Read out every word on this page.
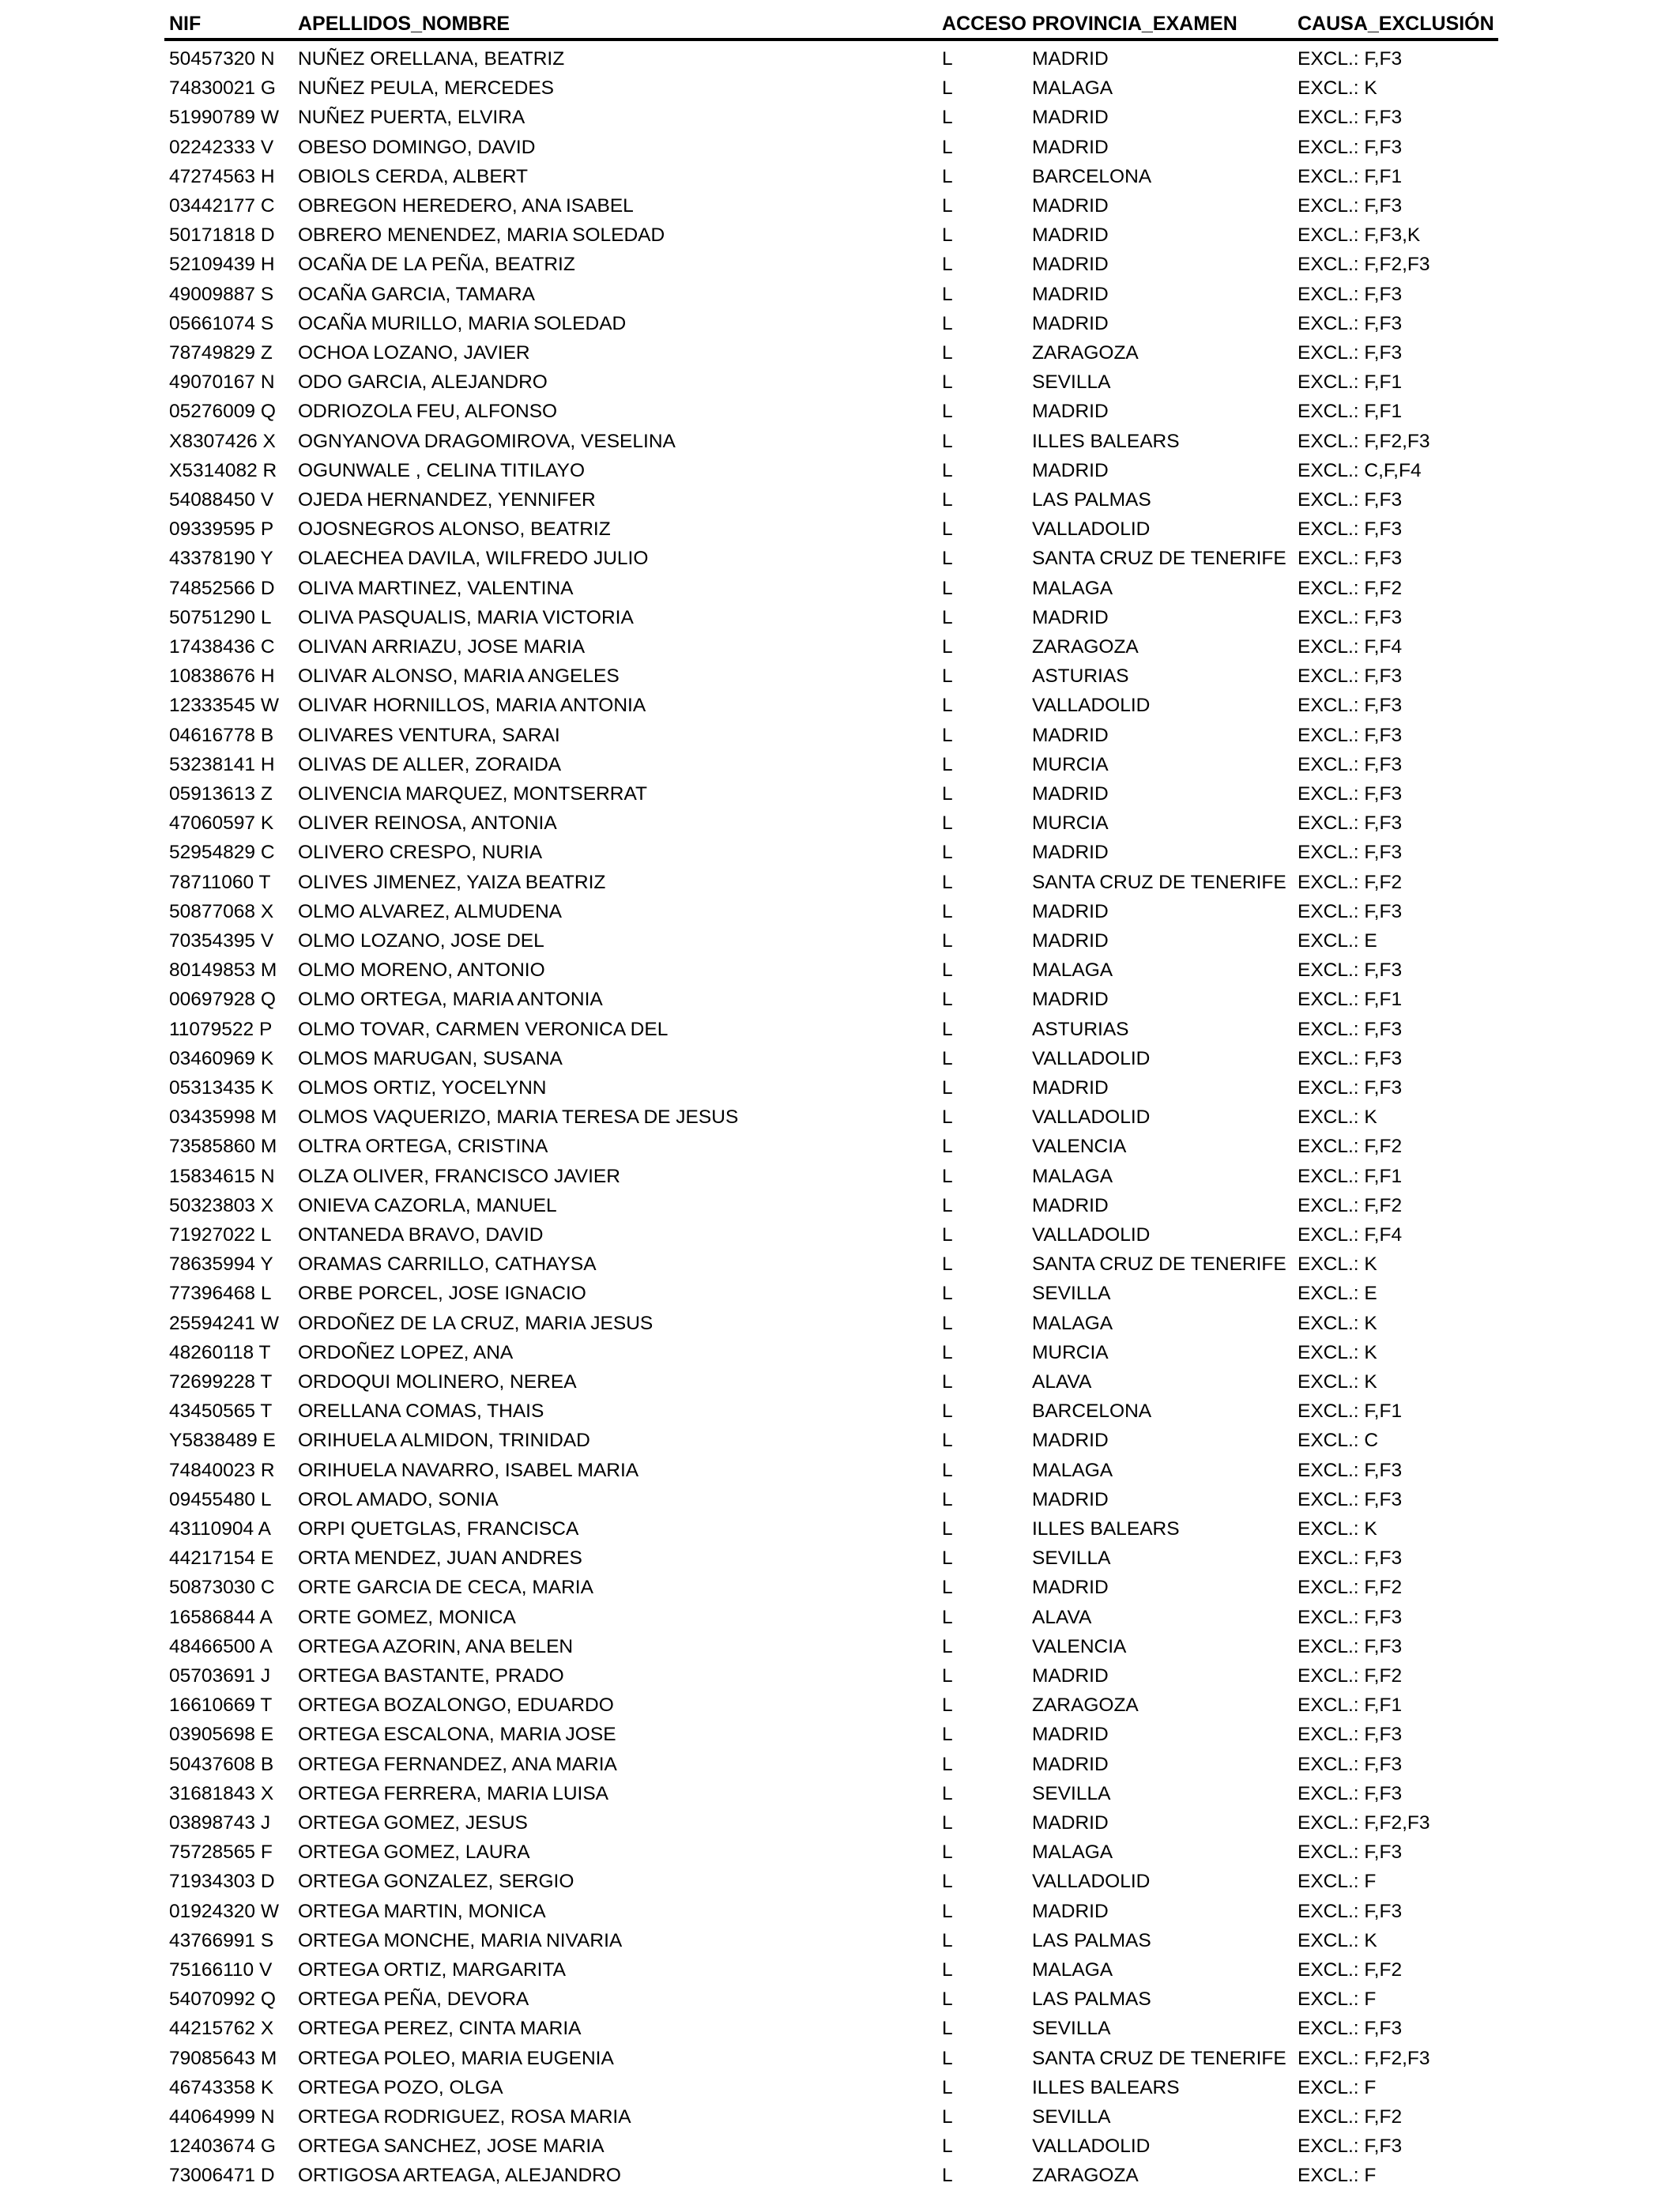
NIF	APELLIDOS_NOMBRE	ACCESO PROVINCIA_EXAMEN	CAUSA_EXCLUSIÓN
50457320 N NUÑEZ ORELLANA, BEATRIZ	L	MADRID	EXCL.: F,F3
74830021 G NUÑEZ PEULA, MERCEDES	L	MALAGA	EXCL.: K
51990789 W NUÑEZ PUERTA, ELVIRA	L	MADRID	EXCL.: F,F3
02242333 V OBESO DOMINGO, DAVID	L	MADRID	EXCL.: F,F3
47274563 H OBIOLS CERDA, ALBERT	L	BARCELONA	EXCL.: F,F1
03442177 C OBREGON HEREDERO, ANA ISABEL	L	MADRID	EXCL.: F,F3
50171818 D OBRERO MENENDEZ, MARIA SOLEDAD	L	MADRID	EXCL.: F,F3,K
52109439 H OCAÑA DE LA PEÑA, BEATRIZ	L	MADRID	EXCL.: F,F2,F3
49009887 S OCAÑA GARCIA, TAMARA	L	MADRID	EXCL.: F,F3
05661074 S OCAÑA MURILLO, MARIA SOLEDAD	L	MADRID	EXCL.: F,F3
78749829 Z OCHOA LOZANO, JAVIER	L	ZARAGOZA	EXCL.: F,F3
49070167 N ODO GARCIA, ALEJANDRO	L	SEVILLA	EXCL.: F,F1
05276009 Q ODRIOZOLA FEU, ALFONSO	L	MADRID	EXCL.: F,F1
X8307426 X OGNYANOVA DRAGOMIROVA, VESELINA	L	ILLES BALEARS	EXCL.: F,F2,F3
X5314082 R OGUNWALE , CELINA TITILAYO	L	MADRID	EXCL.: C,F,F4
54088450 V OJEDA HERNANDEZ, YENNIFER	L	LAS PALMAS	EXCL.: F,F3
09339595 P OJOSNEGROS ALONSO, BEATRIZ	L	VALLADOLID	EXCL.: F,F3
43378190 Y OLAECHEA DAVILA, WILFREDO JULIO	L	SANTA CRUZ DE TENERIFE EXCL.: F,F3
74852566 D OLIVA MARTINEZ, VALENTINA	L	MALAGA	EXCL.: F,F2
50751290 L OLIVA PASQUALIS, MARIA VICTORIA	L	MADRID	EXCL.: F,F3
17438436 C OLIVAN ARRIAZU, JOSE MARIA	L	ZARAGOZA	EXCL.: F,F4
10838676 H OLIVAR ALONSO, MARIA ANGELES	L	ASTURIAS	EXCL.: F,F3
12333545 W OLIVAR HORNILLOS, MARIA ANTONIA	L	VALLADOLID	EXCL.: F,F3
04616778 B OLIVARES VENTURA, SARAI	L	MADRID	EXCL.: F,F3
53238141 H OLIVAS DE ALLER, ZORAIDA	L	MURCIA	EXCL.: F,F3
05913613 Z OLIVENCIA MARQUEZ, MONTSERRAT	L	MADRID	EXCL.: F,F3
47060597 K OLIVER REINOSA, ANTONIA	L	MURCIA	EXCL.: F,F3
52954829 C OLIVERO CRESPO, NURIA	L	MADRID	EXCL.: F,F3
78711060 T OLIVES JIMENEZ, YAIZA BEATRIZ	L	SANTA CRUZ DE TENERIFE EXCL.: F,F2
50877068 X OLMO ALVAREZ, ALMUDENA	L	MADRID	EXCL.: F,F3
70354395 V OLMO LOZANO, JOSE DEL	L	MADRID	EXCL.: E
80149853 M OLMO MORENO, ANTONIO	L	MALAGA	EXCL.: F,F3
00697928 Q OLMO ORTEGA, MARIA ANTONIA	L	MADRID	EXCL.: F,F1
11079522 P OLMO TOVAR, CARMEN VERONICA DEL	L	ASTURIAS	EXCL.: F,F3
03460969 K OLMOS MARUGAN, SUSANA	L	VALLADOLID	EXCL.: F,F3
05313435 K OLMOS ORTIZ, YOCELYNN	L	MADRID	EXCL.: F,F3
03435998 M OLMOS VAQUERIZO, MARIA TERESA DE JESUS	L	VALLADOLID	EXCL.: K
73585860 M OLTRA ORTEGA, CRISTINA	L	VALENCIA	EXCL.: F,F2
15834615 N OLZA OLIVER, FRANCISCO JAVIER	L	MALAGA	EXCL.: F,F1
50323803 X ONIEVA CAZORLA, MANUEL	L	MADRID	EXCL.: F,F2
71927022 L ONTANEDA BRAVO, DAVID	L	VALLADOLID	EXCL.: F,F4
78635994 Y ORAMAS CARRILLO, CATHAYSA	L	SANTA CRUZ DE TENERIFE EXCL.: K
77396468 L ORBE PORCEL, JOSE IGNACIO	L	SEVILLA	EXCL.: E
25594241 W ORDOÑEZ DE LA CRUZ, MARIA JESUS	L	MALAGA	EXCL.: K
48260118 T ORDOÑEZ LOPEZ, ANA	L	MURCIA	EXCL.: K
72699228 T ORDOQUI MOLINERO, NEREA	L	ALAVA	EXCL.: K
43450565 T ORELLANA COMAS, THAIS	L	BARCELONA	EXCL.: F,F1
Y5838489 E ORIHUELA ALMIDON, TRINIDAD	L	MADRID	EXCL.: C
74840023 R ORIHUELA NAVARRO, ISABEL MARIA	L	MALAGA	EXCL.: F,F3
09455480 L OROL AMADO, SONIA	L	MADRID	EXCL.: F,F3
43110904 A ORPI QUETGLAS, FRANCISCA	L	ILLES BALEARS	EXCL.: K
44217154 E ORTA MENDEZ, JUAN ANDRES	L	SEVILLA	EXCL.: F,F3
50873030 C ORTE GARCIA DE CECA, MARIA	L	MADRID	EXCL.: F,F2
16586844 A ORTE GOMEZ, MONICA	L	ALAVA	EXCL.: F,F3
48466500 A ORTEGA AZORIN, ANA BELEN	L	VALENCIA	EXCL.: F,F3
05703691 J ORTEGA BASTANTE, PRADO	L	MADRID	EXCL.: F,F2
16610669 T ORTEGA BOZALONGO, EDUARDO	L	ZARAGOZA	EXCL.: F,F1
03905698 E ORTEGA ESCALONA, MARIA JOSE	L	MADRID	EXCL.: F,F3
50437608 B ORTEGA FERNANDEZ, ANA MARIA	L	MADRID	EXCL.: F,F3
31681843 X ORTEGA FERRERA, MARIA LUISA	L	SEVILLA	EXCL.: F,F3
03898743 J ORTEGA GOMEZ, JESUS	L	MADRID	EXCL.: F,F2,F3
75728565 F ORTEGA GOMEZ, LAURA	L	MALAGA	EXCL.: F,F3
71934303 D ORTEGA GONZALEZ, SERGIO	L	VALLADOLID	EXCL.: F
01924320 W ORTEGA MARTIN, MONICA	L	MADRID	EXCL.: F,F3
43766991 S ORTEGA MONCHE, MARIA NIVARIA	L	LAS PALMAS	EXCL.: K
75166110 V ORTEGA ORTIZ, MARGARITA	L	MALAGA	EXCL.: F,F2
54070992 Q ORTEGA PEÑA, DEVORA	L	LAS PALMAS	EXCL.: F
44215762 X ORTEGA PEREZ, CINTA MARIA	L	SEVILLA	EXCL.: F,F3
79085643 M ORTEGA POLEO, MARIA EUGENIA	L	SANTA CRUZ DE TENERIFE EXCL.: F,F2,F3
46743358 K ORTEGA POZO, OLGA	L	ILLES BALEARS	EXCL.: F
44064999 N ORTEGA RODRIGUEZ, ROSA MARIA	L	SEVILLA	EXCL.: F,F2
12403674 G ORTEGA SANCHEZ, JOSE MARIA	L	VALLADOLID	EXCL.: F,F3
73006471 D ORTIGOSA ARTEAGA, ALEJANDRO	L	ZARAGOZA	EXCL.: F
